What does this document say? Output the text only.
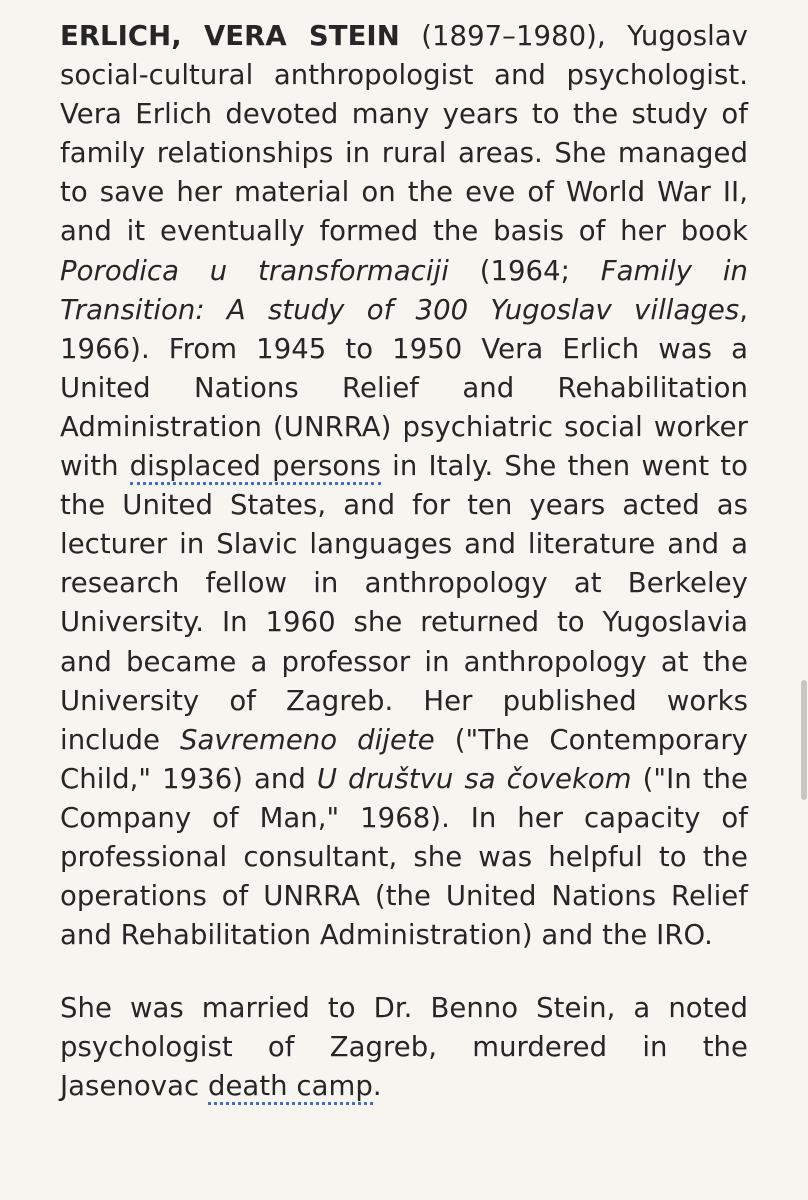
ERLICH, VERA STEIN (1897–1980), Yugoslav social-cultural anthropologist and psychologist. Vera Erlich devoted many years to the study of family relationships in rural areas. She managed to save her material on the eve of World War II, and it eventually formed the basis of her book Porodica u transformaciji (1964; Family in Transition: A study of 300 Yugoslav villages, 1966). From 1945 to 1950 Vera Erlich was a United Nations Relief and Rehabilitation Administration (UNRRA) psychiatric social worker with displaced persons in Italy. She then went to the United States, and for ten years acted as lecturer in Slavic languages and literature and a research fellow in anthropology at Berkeley University. In 1960 she returned to Yugoslavia and became a professor in anthropology at the University of Zagreb. Her published works include Savremeno dijete ("The Contemporary Child," 1936) and U društvu sa čovekom ("In the Company of Man," 1968). In her capacity of professional consultant, she was helpful to the operations of UNRRA (the United Nations Relief and Rehabilitation Administration) and the IRO.

She was married to Dr. Benno Stein, a noted psychologist of Zagreb, murdered in the Jasenovac death camp.
